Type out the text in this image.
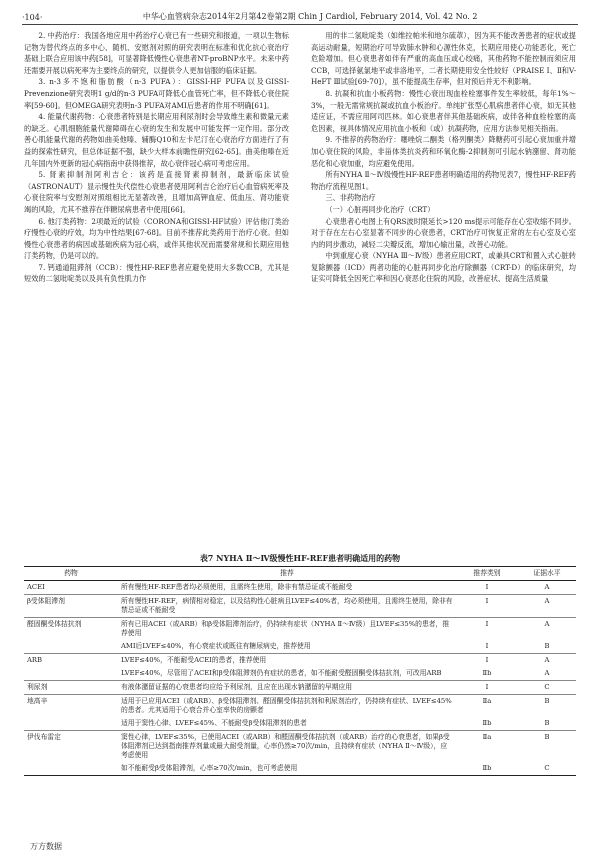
·104·	中华心血管病杂志2014年2月第42卷第2期 Chin J Cardiol, February 2014, Vol. 42 No. 2

2. 中药治疗：我国各地应用中药治疗心衰已有一些研究和报道，一项以生物标记物为替代终点的多中心、随机、安慰剂对照的研究表明在标准和优化抗心衰治疗基础上联合应用该中药[58]，可显著降低慢性心衰患者NT-proBNP水平。未来中药还需要开展以病死率为主要终点的研究，以提供令人更加信服的临床证据。

3. n-3多不饱和脂肪酸（n-3 PUFA）：GISSI-HF PUFA以及GISSI-Prevenzione研究表明1 g/d的n-3 PUFA可降低心血管死亡率，但不降低心衰住院率[59-60]。但OMEGA研究表明n-3 PUFA对AMI后患者的作用不明确[61]。

4. 能量代谢药物：心衰患者特别是长期应用利尿剂时会导致维生素和微量元素的缺乏。心肌细胞能量代谢障碍在心衰的发生和发展中可能发挥一定作用。部分改善心肌能量代谢的药物如曲美他嗪、辅酶Q10和左卡尼汀在心衰治疗方面进行了有益的探索性研究，但总体证据不强，缺少大样本前瞻性研究[62-65]。曲美他嗪在近几年国内外更新的冠心病指南中获得推荐，故心衰伴冠心病可考虑应用。

5. 肾素抑制剂阿利吉仑：该药是直接肾素抑制剂，最新临床试验（ASTRONAUT）显示慢性失代偿性心衰患者使用阿利吉仑治疗后心血管病死率及心衰住院率与安慰剂对照组相比无显著改善，且增加高钾血症、低血压、肾功能衰竭的风险，尤其不推荐在伴糖尿病患者中使用[66]。

6. 他汀类药物：2项最近的试验（CORONA和GISSI-HF试验）评估他汀类治疗慢性心衰的疗效，均为中性结果[67-68]。目前不推荐此类药用于治疗心衰。但如慢性心衰患者的病因或基础疾病为冠心病，或伴其他状况而需要常规和长期应用他汀类药物，仍是可以的。

7. 钙通道阻滞剂（CCB）：慢性HF-REF患者应避免使用大多数CCB，尤其是短效的二氢吡啶类以及具有负性肌力作

用的非二氢吡啶类（如维拉帕米和地尔硫䓬），因为其不能改善患者的症状或提高运动耐量，短期治疗可导致肺水肿和心源性休克，长期应用使心功能恶化，死亡危险增加。但心衰患者如伴有严重的高血压或心绞痛，其他药物不能控制而须应用CCB，可选择氨氯地平或非洛地平，二者长期使用安全性较好（PRAISE Ⅰ、Ⅱ和V-HeFT Ⅲ试验[69-70]），虽不能提高生存率，但对预后并无不利影响。

8. 抗凝和抗血小板药物：慢性心衰出现血栓栓塞事件发生率较低，每年1%～3%，一般无需常规抗凝或抗血小板治疗。单纯扩张型心肌病患者伴心衰，如无其他适应证，不需应用阿司匹林。如心衰患者伴其他基础疾病，或伴各种血栓栓塞的高危因素，视具体情况应用抗血小板和（或）抗凝药物，应用方法参见相关指南。

9. 不推荐的药物治疗：噻唑烷二酮类（格列酮类）降糖药可引起心衰加重并增加心衰住院的风险，非甾体类抗炎药和环氧化酶-2抑制剂可引起水钠潴留、肾功能恶化和心衰加重，均应避免使用。

所有NYHA Ⅱ～Ⅳ级慢性HF-REF患者明确适用的药物见表7，慢性HF-REF药物治疗流程见图1。

三、非药物治疗

（一）心脏再同步化治疗（CRT）

心衰患者心电图上有QRS波时限延长>120 ms提示可能存在心室收缩不同步。对于存在左右心室显著不同步的心衰患者，CRT治疗可恢复正常的左右心室及心室内的同步激动，减轻二尖瓣反流，增加心输出量，改善心功能。

中到重度心衰（NYHA Ⅲ～Ⅳ级）患者应用CRT，或兼具CRT和置入式心脏转复除颤器（ICD）两者功能的心脏再同步化治疗除颤器（CRT-D）的临床研究，均证实可降低全因死亡率和因心衰恶化住院的风险，改善症状、提高生活质量

表7 NYHA Ⅱ～Ⅳ级慢性HF-REF患者明确适用的药物
药物	推荐	推荐类别	证据水平
ACEI	所有慢性HF-REF患者均必须使用，且需终生使用，除非有禁忌证或不能耐受	Ⅰ	A
β受体阻滞剂	所有慢性HF-REF，病情相对稳定，以及结构性心脏病且LVEF≤40%者，均必须使用，且需终生使用，除非有禁忌证或不能耐受	Ⅰ	A
醛固酮受体拮抗剂	所有已用ACEI（或ARB）和β受体阻滞剂治疗，仍持续有症状（NYHA Ⅱ～Ⅳ级）且LVEF≤35%的患者，推荐使用	Ⅰ	A
	AMI后LVEF≤40%，有心衰症状或既往有糖尿病史，推荐使用	Ⅰ	B
ARB	LVEF≤40%，不能耐受ACEI的患者，推荐使用	Ⅰ	A
	LVEF≤40%，尽管用了ACEI和β受体阻滞剂仍有症状的患者，如不能耐受醛固酮受体拮抗剂，可改用ARB	Ⅱb	A
利尿剂	有液体潴留证据的心衰患者均应给予利尿剂，且应在出现水钠潴留的早期应用	Ⅰ	C
地高辛	适用于已应用ACEI（或ARB）、β受体阻滞剂、醛固酮受体拮抗剂和利尿剂治疗，仍持续有症状、LVEF≤45%的患者。尤其适用于心衰合并心室率快的房颤者	Ⅱa	B
	适用于窦性心律、LVEF≤45%、不能耐受β受体阻滞剂的患者	Ⅱb	B
伊伐布雷定	窦性心律，LVEF≤35%，已使用ACEI（或ARB）和醛固酮受体拮抗剂（或ARB）治疗的心衰患者，如果β受体阻滞剂已达到指南推荐剂量或最大耐受剂量，心率仍然≥70次/min，且持续有症状（NYHA Ⅱ～Ⅳ级），应考虑使用	Ⅱa	B
	如不能耐受β受体阻滞剂，心率≥70次/min，也可考虑使用	Ⅱb	C
万方数据
